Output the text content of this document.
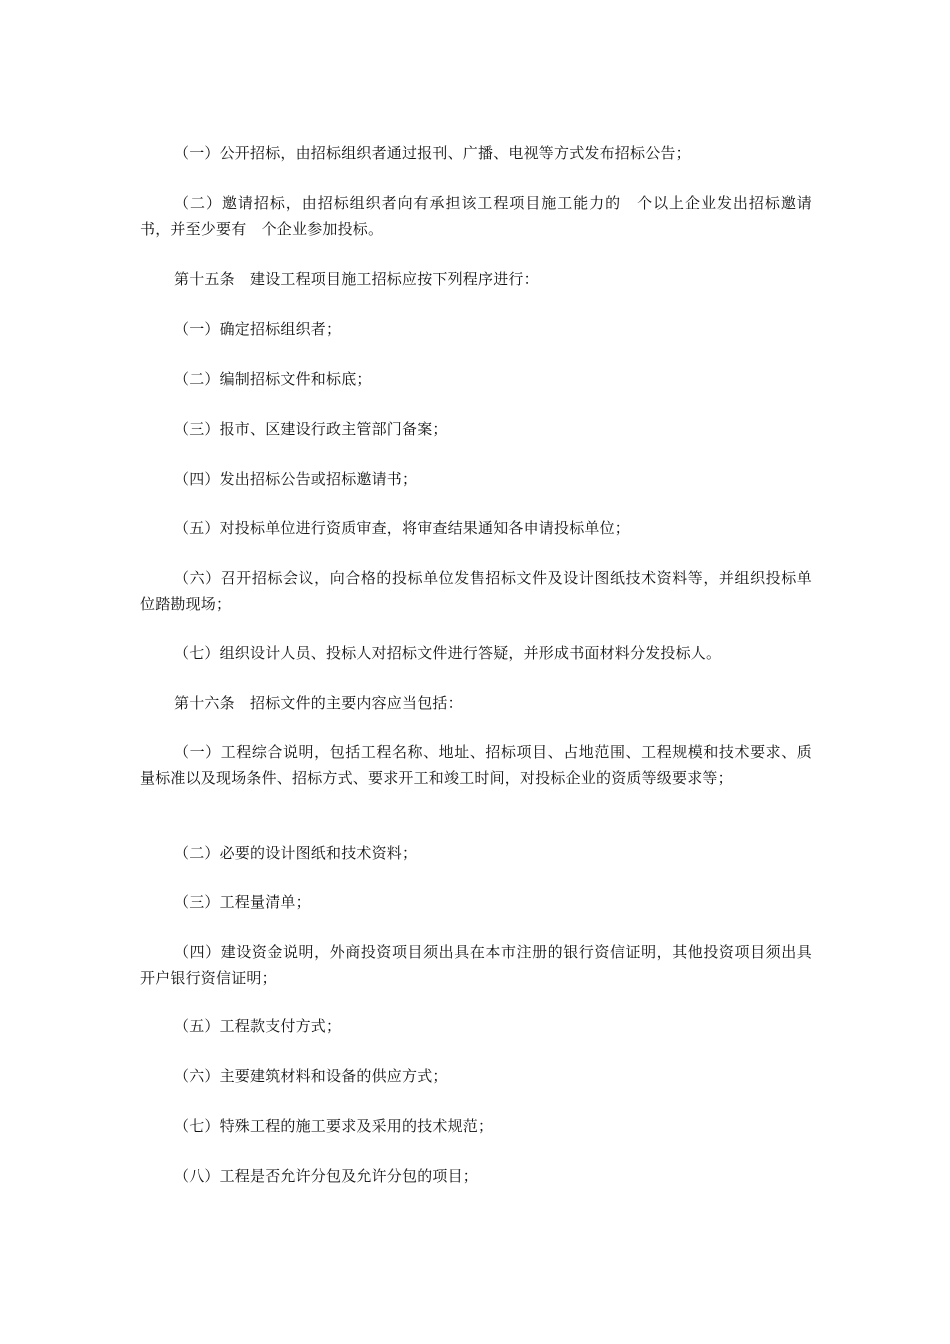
（一）公开招标，由招标组织者通过报刊、广播、电视等方式发布招标公告；

（二）邀请招标，由招标组织者向有承担该工程项目施工能力的　个以上企业发出招标邀请书，并至少要有　个企业参加投标。

第十五条　建设工程项目施工招标应按下列程序进行：

（一）确定招标组织者；

（二）编制招标文件和标底；

（三）报市、区建设行政主管部门备案；

（四）发出招标公告或招标邀请书；

（五）对投标单位进行资质审查，将审查结果通知各申请投标单位；

（六）召开招标会议，向合格的投标单位发售招标文件及设计图纸技术资料等，并组织投标单位踏勘现场；

（七）组织设计人员、投标人对招标文件进行答疑，并形成书面材料分发投标人。

第十六条　招标文件的主要内容应当包括：

（一）工程综合说明，包括工程名称、地址、招标项目、占地范围、工程规模和技术要求、质量标准以及现场条件、招标方式、要求开工和竣工时间，对投标企业的资质等级要求等；

（二）必要的设计图纸和技术资料；

（三）工程量清单；

（四）建设资金说明，外商投资项目须出具在本市注册的银行资信证明，其他投资项目须出具开户银行资信证明；

（五）工程款支付方式；

（六）主要建筑材料和设备的供应方式；

（七）特殊工程的施工要求及采用的技术规范；

（八）工程是否允许分包及允许分包的项目；
